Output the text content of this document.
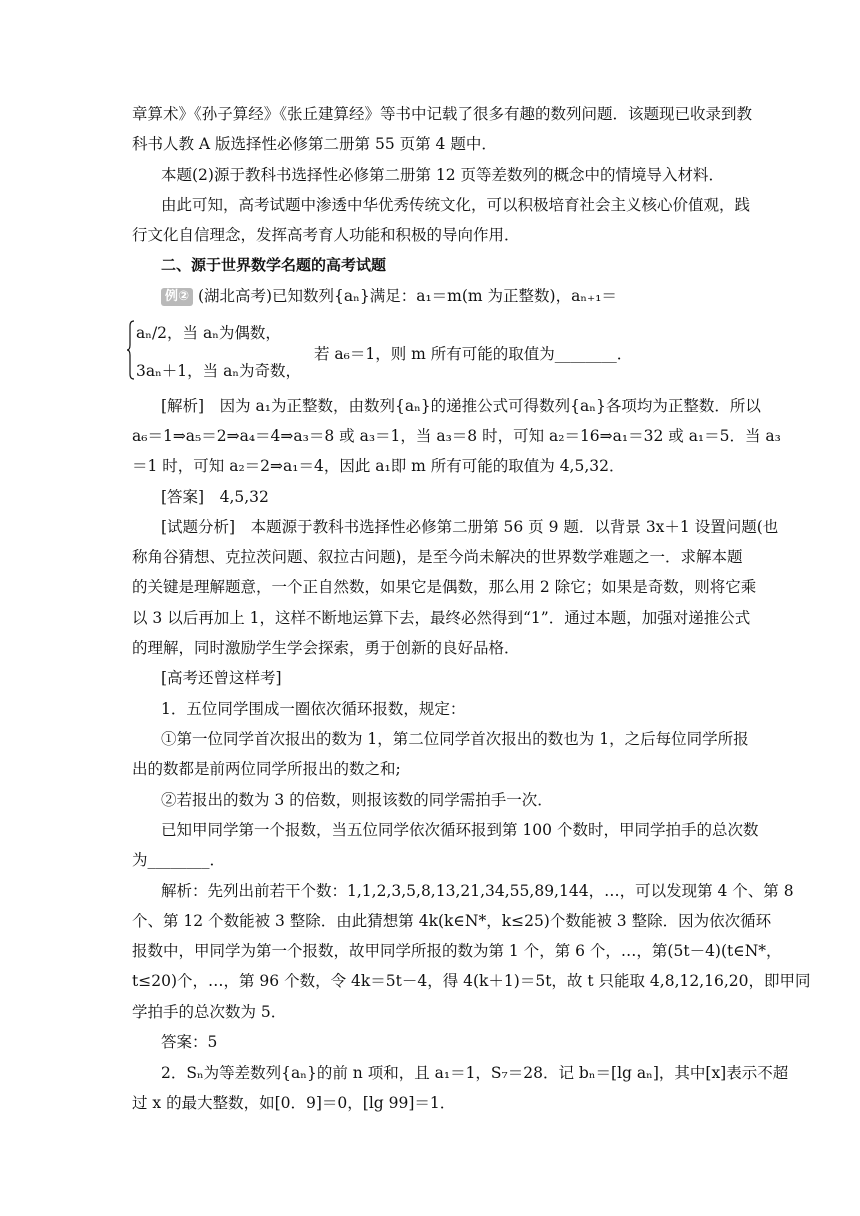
章算术》《孙子算经》《张丘建算经》等书中记载了很多有趣的数列问题．该题现已收录到教
科书人教 A 版选择性必修第二册第 55 页第 4 题中．
本题(2)源于教科书选择性必修第二册第 12 页等差数列的概念中的情境导入材料．
由此可知，高考试题中渗透中华优秀传统文化，可以积极培育社会主义核心价值观，践
行文化自信理念，发挥高考育人功能和积极的导向作用．
二、源于世界数学名题的高考试题
例② (湖北高考)已知数列{aₙ}满足：a₁＝m(m 为正整数)，aₙ₊₁＝
aₙ/2，当 aₙ为偶数，
3aₙ＋1，当 aₙ为奇数，
若 a₆＝1，则 m 所有可能的取值为________．
[解析]　因为 a₁为正整数，由数列{aₙ}的递推公式可得数列{aₙ}各项均为正整数．所以
a₆＝1⇒a₅＝2⇒a₄＝4⇒a₃＝8 或 a₃＝1，当 a₃＝8 时，可知 a₂＝16⇒a₁＝32 或 a₁＝5．当 a₃
＝1 时，可知 a₂＝2⇒a₁＝4，因此 a₁即 m 所有可能的取值为 4,5,32．
[答案]　4,5,32
[试题分析]　本题源于教科书选择性必修第二册第 56 页 9 题．以背景 3x＋1 设置问题(也
称角谷猜想、克拉茨问题、叙拉古问题)，是至今尚未解决的世界数学难题之一．求解本题
的关键是理解题意，一个正自然数，如果它是偶数，那么用 2 除它；如果是奇数，则将它乘
以 3 以后再加上 1，这样不断地运算下去，最终必然得到“1”．通过本题，加强对递推公式
的理解，同时激励学生学会探索，勇于创新的良好品格．
[高考还曾这样考]
1．五位同学围成一圈依次循环报数，规定：
①第一位同学首次报出的数为 1，第二位同学首次报出的数也为 1，之后每位同学所报
出的数都是前两位同学所报出的数之和;
②若报出的数为 3 的倍数，则报该数的同学需拍手一次．
已知甲同学第一个报数，当五位同学依次循环报到第 100 个数时，甲同学拍手的总次数
为________．
解析：先列出前若干个数：1,1,2,3,5,8,13,21,34,55,89,144，…，可以发现第 4 个、第 8
个、第 12 个数能被 3 整除．由此猜想第 4k(k∈N*，k≤25)个数能被 3 整除．因为依次循环
报数中，甲同学为第一个报数，故甲同学所报的数为第 1 个，第 6 个，…，第(5t－4)(t∈N*，
t≤20)个，…，第 96 个数，令 4k＝5t－4，得 4(k＋1)＝5t，故 t 只能取 4,8,12,16,20，即甲同
学拍手的总次数为 5．
答案：5
2．Sₙ为等差数列{aₙ}的前 n 项和，且 a₁＝1，S₇＝28．记 bₙ＝[lg aₙ]，其中[x]表示不超
过 x 的最大整数，如[0．9]＝0，[lg 99]＝1．
